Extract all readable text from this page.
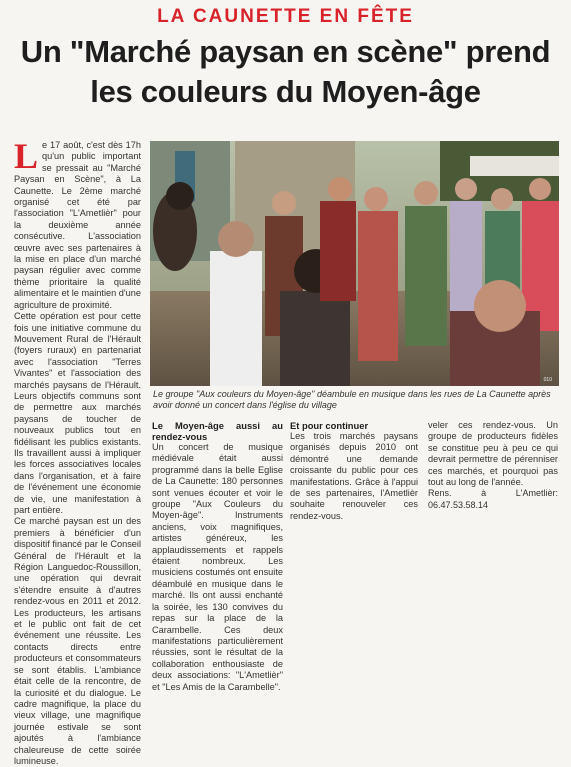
LA CAUNETTE EN FÊTE
Un "Marché paysan en scène" prend les couleurs du Moyen-âge

Le 17 août, c'est dès 17h qu'un public important se pressait au "Marché Paysan en Scène", à La Caunette. Le 2ème marché organisé cet été par l'association "L'Ametlièr" pour la deuxième année consécutive. L'association œuvre avec ses partenaires à la mise en place d'un marché paysan régulier avec comme thème prioritaire la qualité alimentaire et le maintien d'une agriculture de proximité.

Cette opération est pour cette fois une initiative commune du Mouvement Rural de l'Hérault (foyers ruraux) en partenariat avec l'association "Terres Vivantes" et l'association des marchés paysans de l'Hérault. Leurs objectifs communs sont de permettre aux marchés paysans de toucher de nouveaux publics tout en fidélisant les publics existants. Ils travaillent aussi à impliquer les forces associatives locales dans l'organisation, et à faire de l'événement une économie de vie, une manifestation à part entière.

Ce marché paysan est un des premiers à bénéficier d'un dispositif financé par le Conseil Général de l'Hérault et la Région Languedoc-Roussillon, une opération qui devrait s'étendre ensuite à d'autres rendez-vous en 2011 et 2012. Les producteurs, les artisans et le public ont fait de cet événement une réussite. Les contacts directs entre producteurs et consommateurs se sont établis. L'ambiance était celle de la rencontre, de la curiosité et du dialogue. Le cadre magnifique, la place du vieux village, une magnifique journée estivale se sont ajoutés à l'ambiance chaleureuse de cette soirée lumineuse.

010
Le groupe "Aux couleurs du Moyen-âge" déambule en musique dans les rues de La Caunette après avoir donné un concert dans l'église du village

Le Moyen-âge aussi au rendez-vous

Un concert de musique médiévale était aussi programmé dans la belle Eglise de La Caunette: 180 personnes sont venues écouter et voir le groupe "Aux Couleurs du Moyen-âge". Instruments anciens, voix magnifiques, artistes généreux, les applaudissements et rappels étaient nombreux. Les musiciens costumés ont ensuite déambulé en musique dans le marché. Ils ont aussi enchanté la soirée, les 130 convives du repas sur la place de la Carambelle. Ces deux manifestations particulièrement réussies, sont le résultat de la collaboration enthousiaste de deux associations: "L'Ametlièr" et "Les Amis de la Carambelle".

Et pour continuer

Les trois marchés paysans organisés depuis 2010 ont démontré une demande croissante du public pour ces manifestations. Grâce à l'appui de ses partenaires, l'Ametlièr souhaite renouveler ces rendez-vous.

veler ces rendez-vous. Un groupe de producteurs fidèles se constitue peu à peu ce qui devrait permettre de pérenniser ces marchés, et pourquoi pas tout au long de l'année.

Rens. à L'Ametlièr: 06.47.53.58.14
